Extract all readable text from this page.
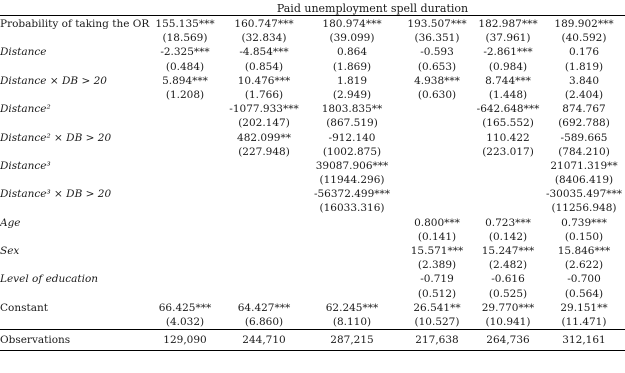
Paid unemployment spell duration
Probability of taking the OR	155.135***	160.747***	180.974***	193.507***	182.987***	189.902***
	(18.569)	(32.834)	(39.099)	(36.351)	(37.961)	(40.592)
Distance	-2.325***	-4.854***	0.864	-0.593	-2.861***	0.176
	(0.484)	(0.854)	(1.869)	(0.653)	(0.984)	(1.819)
Distance × DB > 20	5.894***	10.476***	1.819	4.938***	8.744***	3.840
	(1.208)	(1.766)	(2.949)	(0.630)	(1.448)	(2.404)
Distance²		-1077.933***	1803.835**		-642.648***	874.767
		(202.147)	(867.519)		(165.552)	(692.788)
Distance² × DB > 20		482.099**	-912.140		110.422	-589.665
		(227.948)	(1002.875)		(223.017)	(784.210)
Distance³			39087.906***			21071.319**
			(11944.296)			(8406.419)
Distance³ × DB > 20			-56372.499***			-30035.497***
			(16033.316)			(11256.948)
Age				0.800***	0.723***	0.739***
				(0.141)	(0.142)	(0.150)
Sex				15.571***	15.247***	15.846***
				(2.389)	(2.482)	(2.622)
Level of education				-0.719	-0.616	-0.700
				(0.512)	(0.525)	(0.564)
Constant	66.425***	64.427***	62.245***	26.541**	29.770***	29.151**
	(4.032)	(6.860)	(8.110)	(10.527)	(10.941)	(11.471)
Observations	129,090	244,710	287,215	217,638	264,736	312,161
